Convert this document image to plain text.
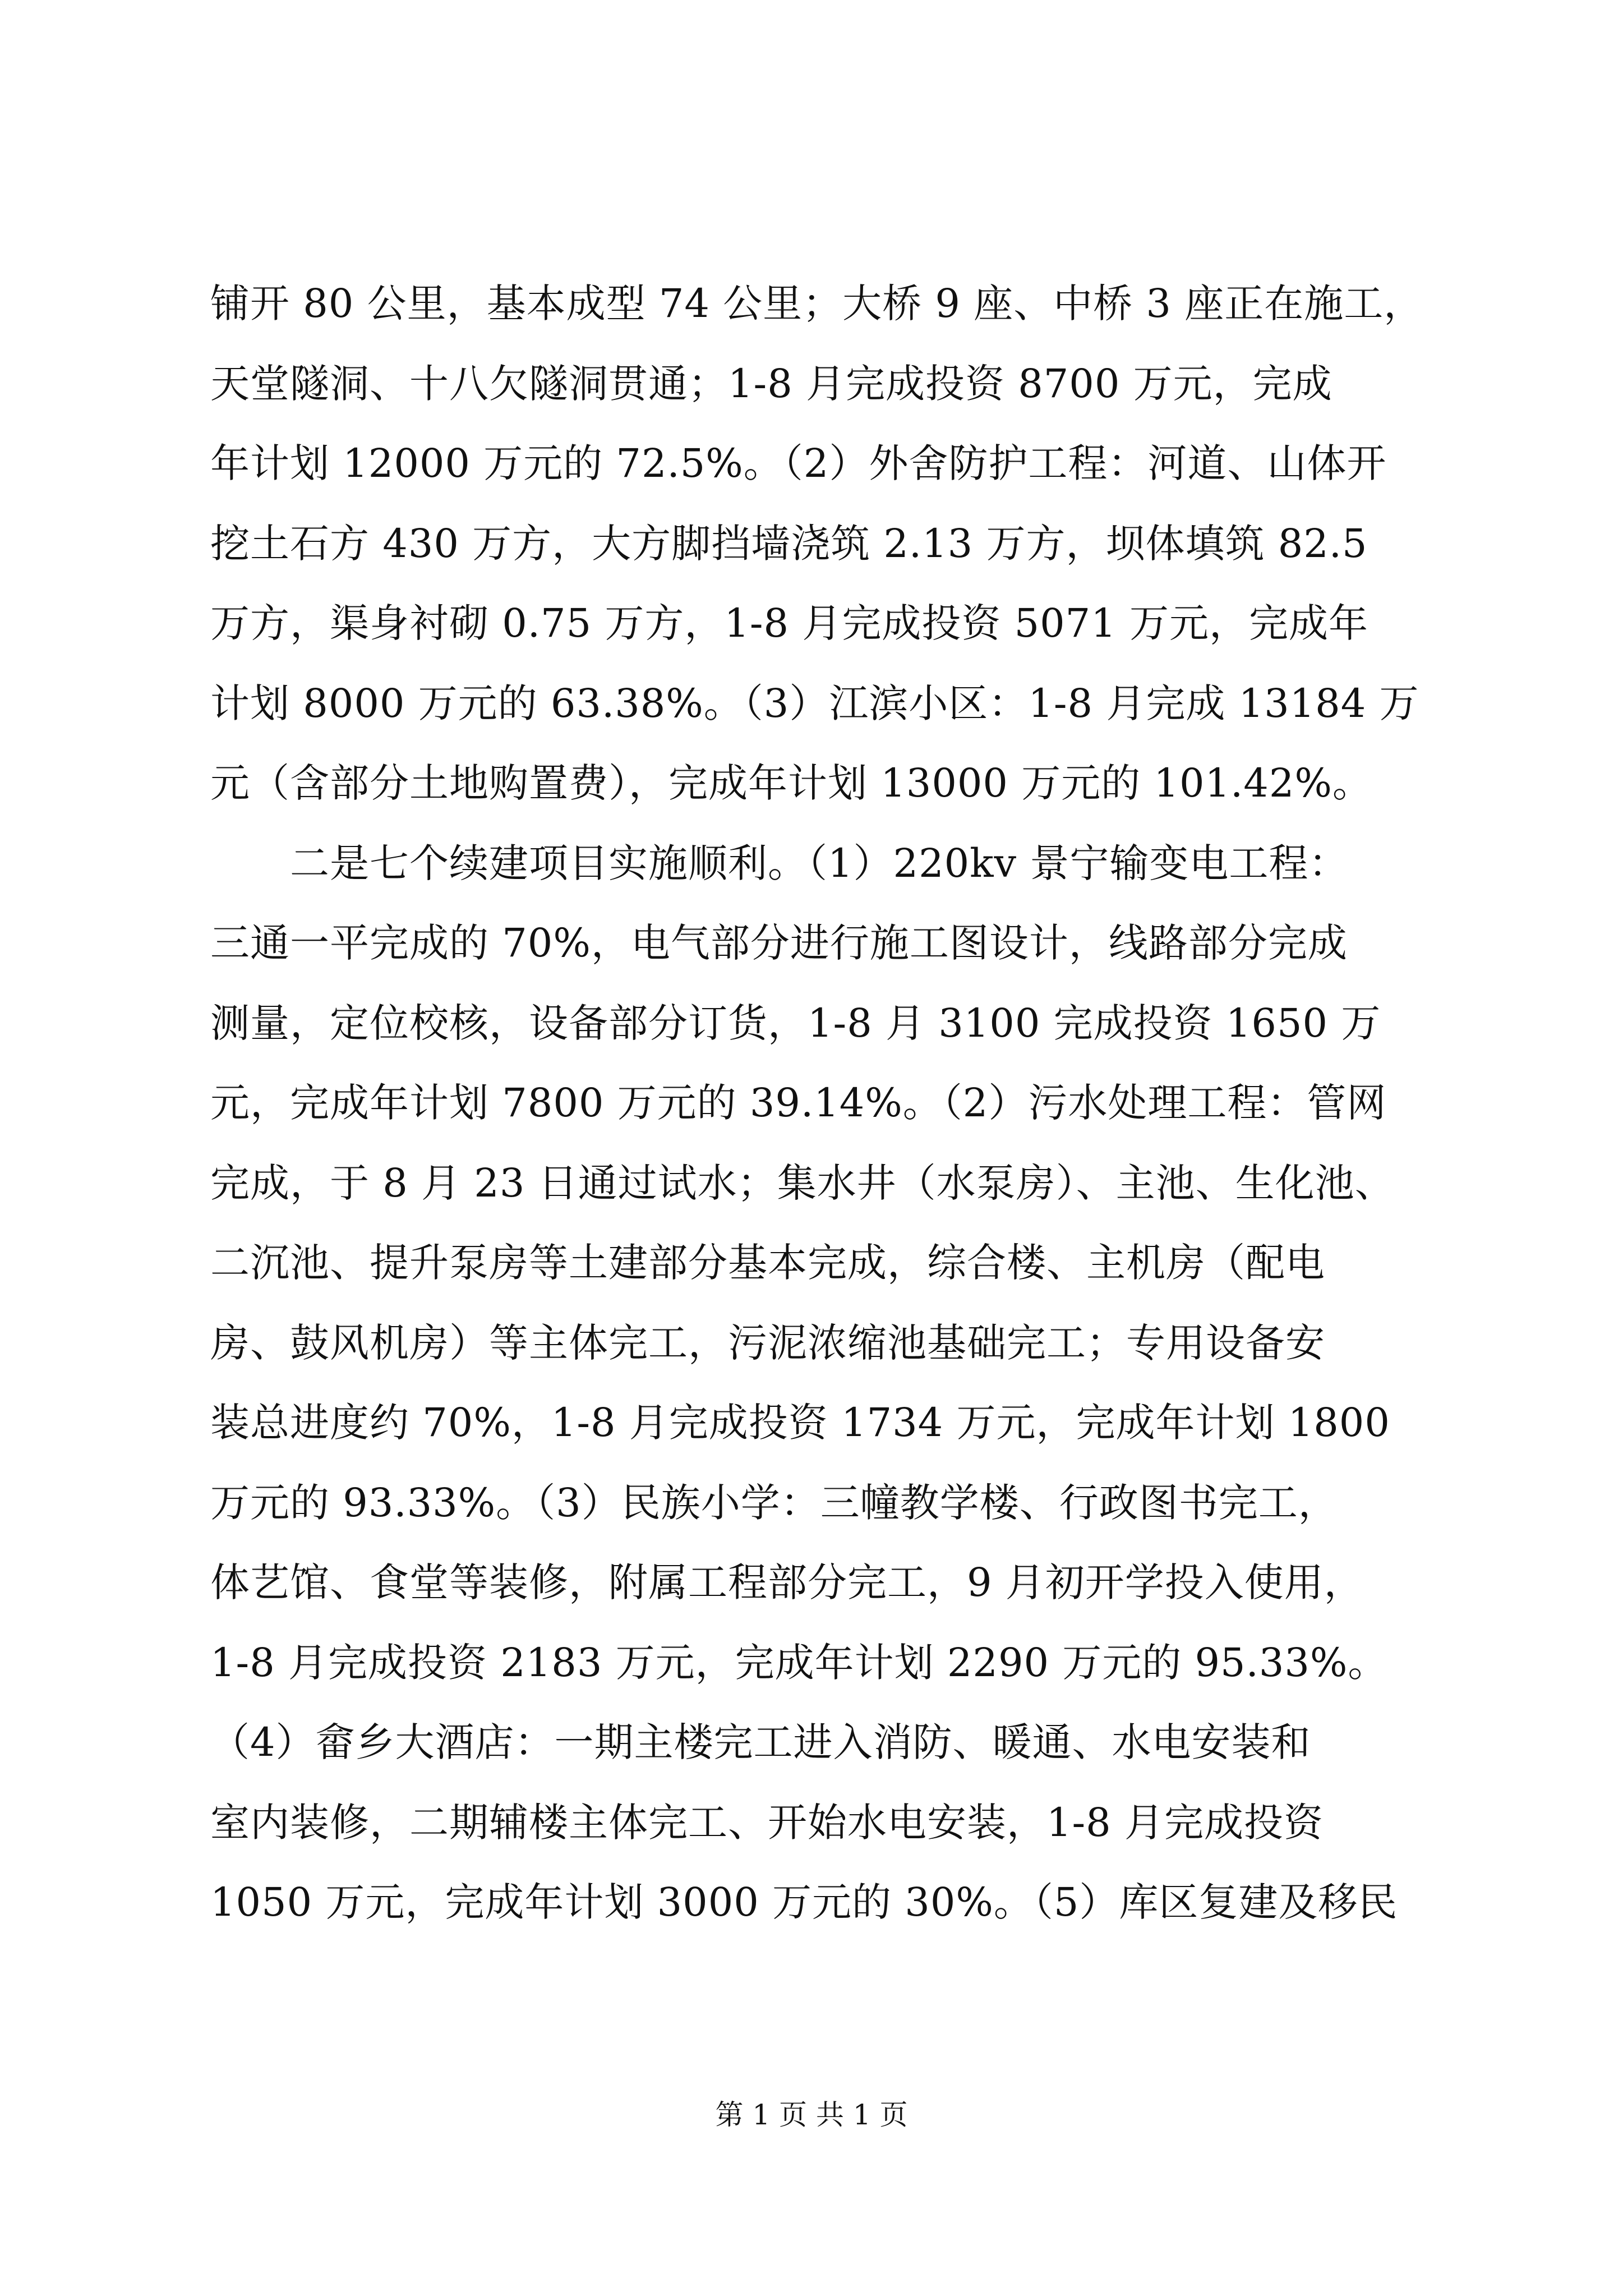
铺开 80 公里，基本成型 74 公里；大桥 9 座、中桥 3 座正在施工，
天堂隧洞、十八欠隧洞贯通；1-8 月完成投资 8700 万元，完成
年计划 12000 万元的 72.5%。（2）外舍防护工程：河道、山体开
挖土石方 430 万方，大方脚挡墙浇筑 2.13 万方，坝体填筑 82.5
万方，渠身衬砌 0.75 万方，1-8 月完成投资 5071 万元，完成年
计划 8000 万元的 63.38%。（3）江滨小区：1-8 月完成 13184 万
元（含部分土地购置费），完成年计划 13000 万元的 101.42%。
　　二是七个续建项目实施顺利。（1）220kv 景宁输变电工程：
三通一平完成的 70%，电气部分进行施工图设计，线路部分完成
测量，定位校核，设备部分订货，1-8 月 3100 完成投资 1650 万
元，完成年计划 7800 万元的 39.14%。（2）污水处理工程：管网
完成，于 8 月 23 日通过试水；集水井（水泵房）、主池、生化池、
二沉池、提升泵房等土建部分基本完成，综合楼、主机房（配电
房、鼓风机房）等主体完工，污泥浓缩池基础完工；专用设备安
装总进度约 70%，1-8 月完成投资 1734 万元，完成年计划 1800
万元的 93.33%。（3）民族小学：三幢教学楼、行政图书完工，
体艺馆、食堂等装修，附属工程部分完工，9 月初开学投入使用，
1-8 月完成投资 2183 万元，完成年计划 2290 万元的 95.33%。
（4）畲乡大酒店：一期主楼完工进入消防、暖通、水电安装和
室内装修，二期辅楼主体完工、开始水电安装，1-8 月完成投资
1050 万元，完成年计划 3000 万元的 30%。（5）库区复建及移民
第 1 页 共 1 页
